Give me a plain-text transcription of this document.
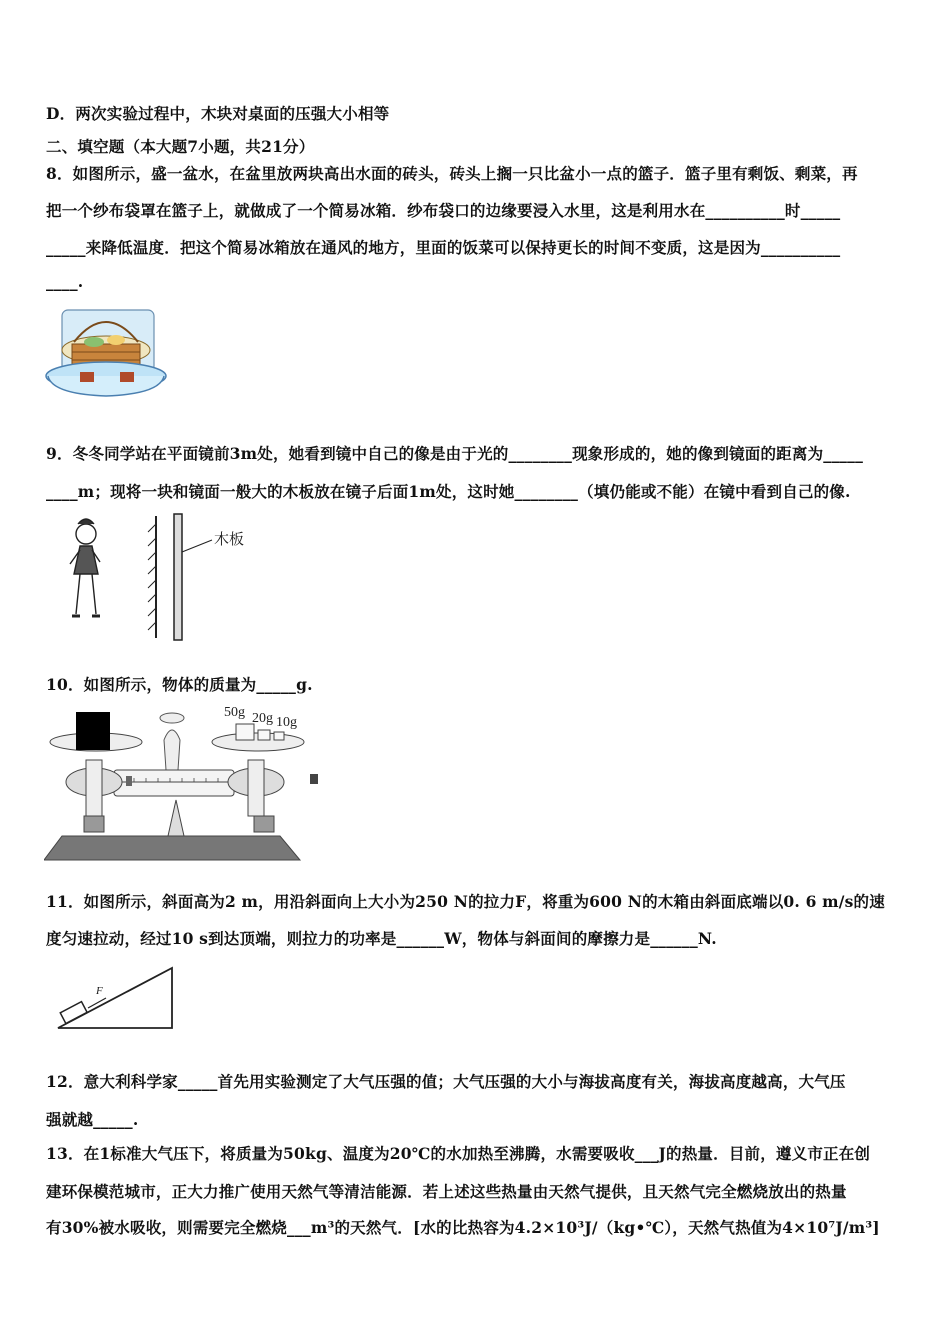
D．两次实验过程中，木块对桌面的压强大小相等
二、填空题（本大题7小题，共21分）
8．如图所示，盛一盆水，在盆里放两块高出水面的砖头，砖头上搁一只比盆小一点的篮子．篮子里有剩饭、剩菜，再
把一个纱布袋罩在篮子上，就做成了一个简易冰箱．纱布袋口的边缘要浸入水里，这是利用水在__________时_____
_____来降低温度．把这个简易冰箱放在通风的地方，里面的饭菜可以保持更长的时间不变质，这是因为__________
____.
9．冬冬同学站在平面镜前3m处，她看到镜中自己的像是由于光的________现象形成的，她的像到镜面的距离为_____
____m；现将一块和镜面一般大的木板放在镜子后面1m处，这时她________（填仍能或不能）在镜中看到自己的像.
木板
10．如图所示，物体的质量为_____g.
50g 20g 10g
11．如图所示，斜面高为2 m，用沿斜面向上大小为250 N的拉力F，将重为600 N的木箱由斜面底端以0. 6 m/s的速
度匀速拉动，经过10 s到达顶端，则拉力的功率是______W，物体与斜面间的摩擦力是______N.
F
12．意大利科学家_____首先用实验测定了大气压强的值；大气压强的大小与海拔高度有关，海拔高度越高，大气压
强就越_____.
13．在1标准大气压下，将质量为50kg、温度为20℃的水加热至沸腾，水需要吸收___J的热量．目前，遵义市正在创
建环保模范城市，正大力推广使用天然气等清洁能源．若上述这些热量由天然气提供，且天然气完全燃烧放出的热量
有30%被水吸收，则需要完全燃烧___m³的天然气．[水的比热容为4.2×10³J/（kg•℃），天然气热值为4×10⁷J/m³]
